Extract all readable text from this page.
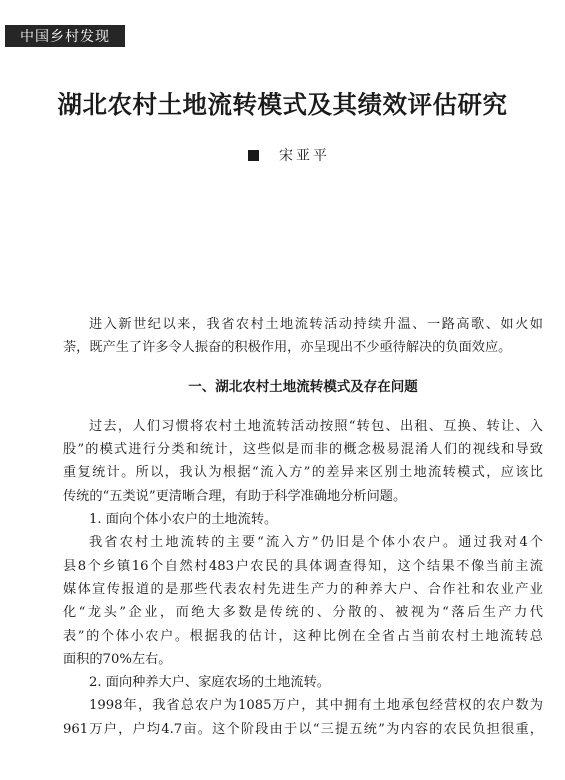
中国乡村发现
湖北农村土地流转模式及其绩效评估研究
宋亚平
进入新世纪以来，我省农村土地流转活动持续升温、一路高歌、如火如
荼，既产生了许多令人振奋的积极作用，亦呈现出不少亟待解决的负面效应。
一、湖北农村土地流转模式及存在问题
过去，人们习惯将农村土地流转活动按照“转包、出租、互换、转让、入
股”的模式进行分类和统计，这些似是而非的概念极易混淆人们的视线和导致
重复统计。所以，我认为根据“流入方”的差异来区别土地流转模式，应该比
传统的“五类说”更清晰合理，有助于科学准确地分析问题。
1. 面向个体小农户的土地流转。
我省农村土地流转的主要“流入方”仍旧是个体小农户。通过我对4个
县8个乡镇16个自然村483户农民的具体调查得知，这个结果不像当前主流
媒体宣传报道的是那些代表农村先进生产力的种养大户、合作社和农业产业
化“龙头”企业，而绝大多数是传统的、分散的、被视为“落后生产力代
表”的个体小农户。根据我的估计，这种比例在全省占当前农村土地流转总
面积的70%左右。
2. 面向种养大户、家庭农场的土地流转。
1998年，我省总农户为1085万户，其中拥有土地承包经营权的农户数为
961万户，户均4.7亩。这个阶段由于以“三提五统”为内容的农民负担很重，
